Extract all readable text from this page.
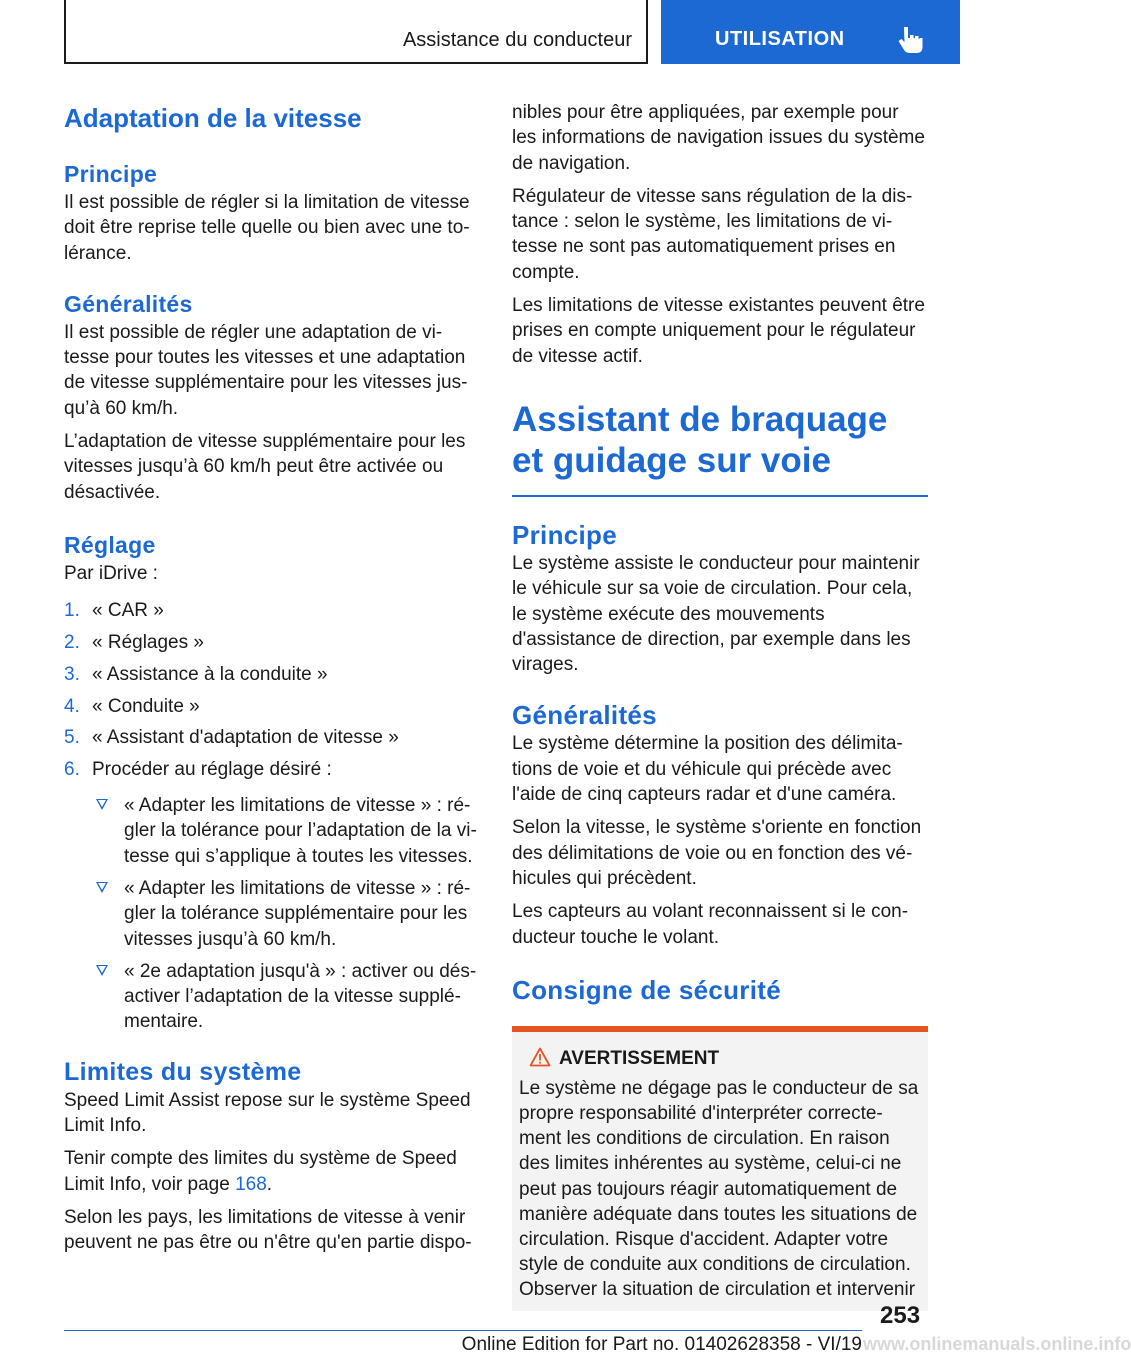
Assistance du conducteur	UTILISATION
Adaptation de la vitesse
Principe

Il est possible de régler si la limitation de vitesse doit être reprise telle quelle ou bien avec une to-lérance.

Généralités

Il est possible de régler une adaptation de vi-tesse pour toutes les vitesses et une adaptation de vitesse supplémentaire pour les vitesses jus-qu’à 60 km/h.

L’adaptation de vitesse supplémentaire pour les vitesses jusqu’à 60 km/h peut être activée ou désactivée.

Réglage

Par iDrive :

1. « CAR »
2. « Réglages »
3. « Assistance à la conduite »
4. « Conduite »
5. « Assistant d'adaptation de vitesse »
6. Procéder au réglage désiré :
« Adapter les limitations de vitesse » : ré-gler la tolérance pour l’adaptation de la vi-tesse qui s’applique à toutes les vitesses.
« Adapter les limitations de vitesse » : ré-gler la tolérance supplémentaire pour les vitesses jusqu’à 60 km/h.
« 2e adaptation jusqu'à » : activer ou dés-activer l’adaptation de la vitesse supplé-mentaire.
Limites du système

Speed Limit Assist repose sur le système Speed Limit Info.

Tenir compte des limites du système de Speed Limit Info, voir page 168.

Selon les pays, les limitations de vitesse à venir peuvent ne pas être ou n'être qu'en partie dispo-

nibles pour être appliquées, par exemple pour les informations de navigation issues du système de navigation.

Régulateur de vitesse sans régulation de la dis-tance : selon le système, les limitations de vi-tesse ne sont pas automatiquement prises en compte.

Les limitations de vitesse existantes peuvent être prises en compte uniquement pour le régulateur de vitesse actif.

Assistant de braquage et guidage sur voie
Principe

Le système assiste le conducteur pour maintenir le véhicule sur sa voie de circulation. Pour cela, le système exécute des mouvements d'assistance de direction, par exemple dans les virages.

Généralités

Le système détermine la position des délimita-tions de voie et du véhicule qui précède avec l'aide de cinq capteurs radar et d'une caméra.

Selon la vitesse, le système s'oriente en fonction des délimitations de voie ou en fonction des vé-hicules qui précèdent.

Les capteurs au volant reconnaissent si le con-ducteur touche le volant.

Consigne de sécurité
AVERTISSEMENT

Le système ne dégage pas le conducteur de sa propre responsabilité d'interpréter correcte-ment les conditions de circulation. En raison des limites inhérentes au système, celui-ci ne peut pas toujours réagir automatiquement de manière adéquate dans toutes les situations de circulation. Risque d'accident. Adapter votre style de conduite aux conditions de circulation. Observer la situation de circulation et intervenir

253
Online Edition for Part no. 01402628358 - VI/19 www.onlinemanuals.online.info
